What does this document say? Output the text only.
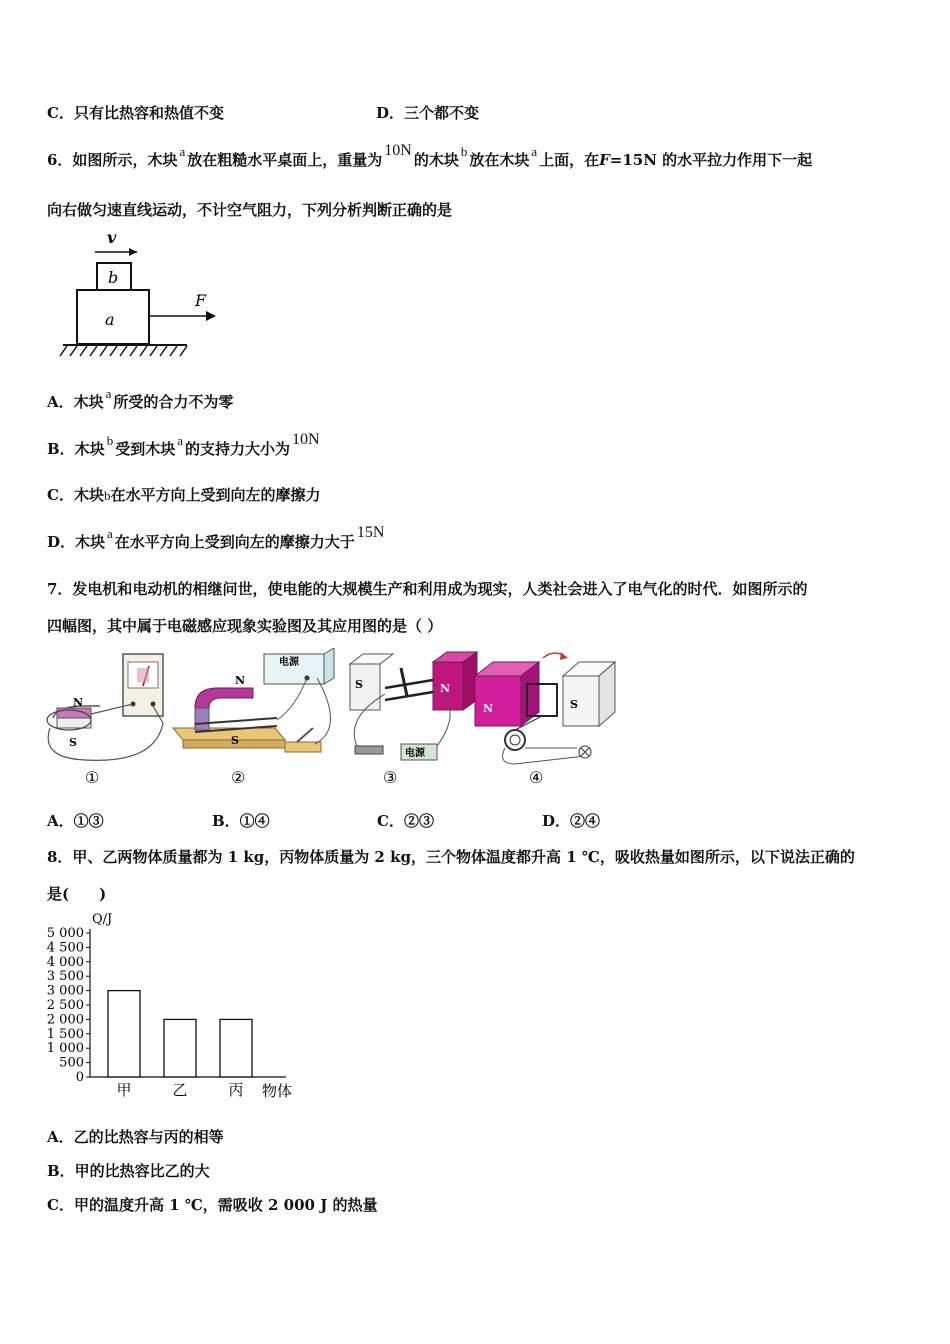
C．只有比热容和热值不变	D．三个都不变
6．如图所示，木块 a 放在粗糙水平桌面上，重量为10N的木块 b 放在木块 a 上面，在F=15N 的水平拉力作用下一起
向右做匀速直线运动，不计空气阻力，下列分析判断正确的是
v
b
a
F
A．木块 a 所受的合力不为零
B．木块 b 受到木块 a 的支持力大小为10N
C．木块b在水平方向上受到向左的摩擦力
D．木块 a 在水平方向上受到向左的摩擦力大于15N
7．发电机和电动机的相继问世，使电能的大规模生产和利用成为现实，人类社会进入了电气化的时代．如图所示的
四幅图，其中属于电磁感应现象实验图及其应用图的是（ ）
N
S
①
N
S
电源
②
S	N
电源
③
N	S
④
A．①③	B．①④	C．②③	D．②④
8．甲、乙两物体质量都为 1 kg，丙物体质量为 2 kg，三个物体温度都升高 1 ℃，吸收热量如图所示，以下说法正确的
是(　　)
Q/J
物体
0
500
1 000
1 500
2 000
2 500
3 000
3 500
4 000
4 500
5 000
甲	乙	丙
A．乙的比热容与丙的相等
B．甲的比热容比乙的大
C．甲的温度升高 1 ℃，需吸收 2 000 J 的热量
